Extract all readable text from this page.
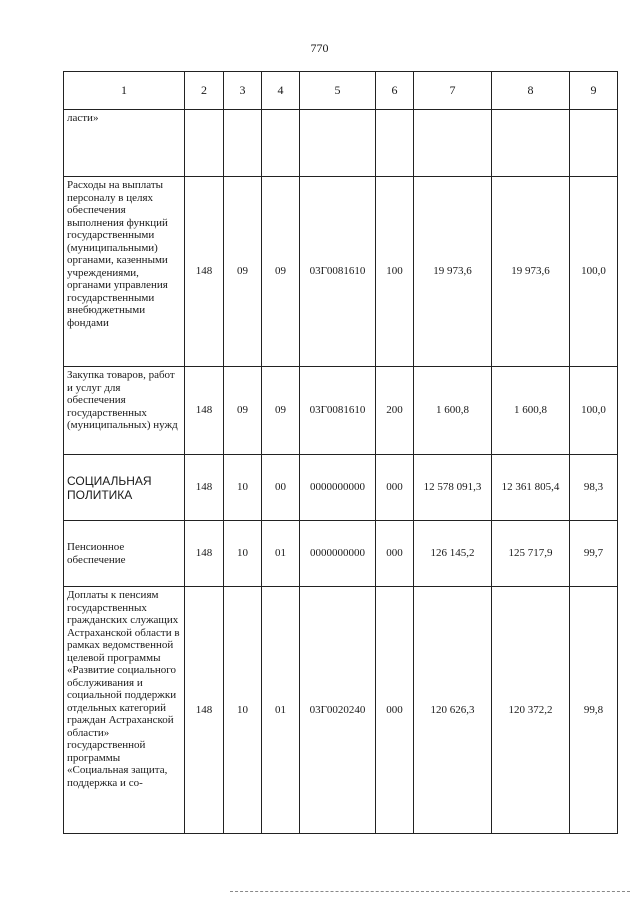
770
1	2	3	4	5	6	7	8	9
ласти»								
Расходы на выплаты персоналу в целях обеспечения выполнения функций государственными (муниципальными) органами, казенными учреждениями, органами управления государственными внебюджетными фондами	148	09	09	03Г0081610	100	19 973,6	19 973,6	100,0
Закупка товаров, работ и услуг для обеспечения государственных (муниципальных) нужд	148	09	09	03Г0081610	200	1 600,8	1 600,8	100,0
СОЦИАЛЬНАЯ ПОЛИТИКА	148	10	00	0000000000	000	12 578 091,3	12 361 805,4	98,3
Пенсионное обеспечение	148	10	01	0000000000	000	126 145,2	125 717,9	99,7
Доплаты к пенсиям государственных гражданских служащих Астраханской области в рамках ведомственной целевой программы «Развитие социального обслуживания и социальной поддержки отдельных категорий граждан Астраханской области» государственной программы «Социальная защита, поддержка и со-	148	10	01	03Г0020240	000	120 626,3	120 372,2	99,8
